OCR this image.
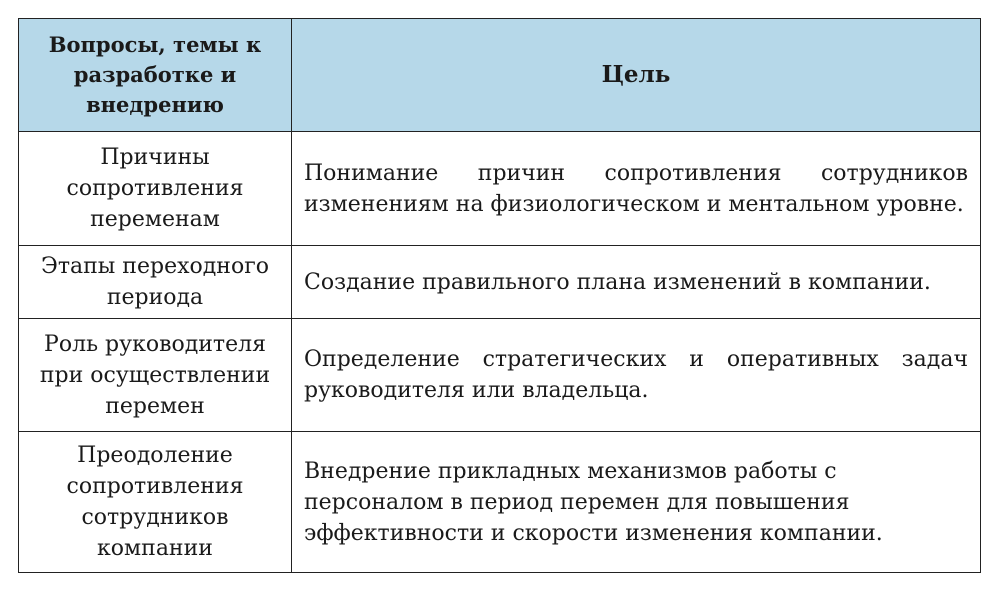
Вопросы, темы к разработке и внедрению	Цель
Причины сопротивления переменам	Понимание причин сопротивления сотрудников изменениям на физиологическом и ментальном уровне.
Этапы переходного периода	Создание правильного плана изменений в компании.
Роль руководителя при осуществлении перемен	Определение стратегических и оперативных задач руководителя или владельца.
Преодоление сопротивления сотрудников компании	Внедрение прикладных механизмов работы с персоналом в период перемен для повышения эффективности и скорости изменения компании.
